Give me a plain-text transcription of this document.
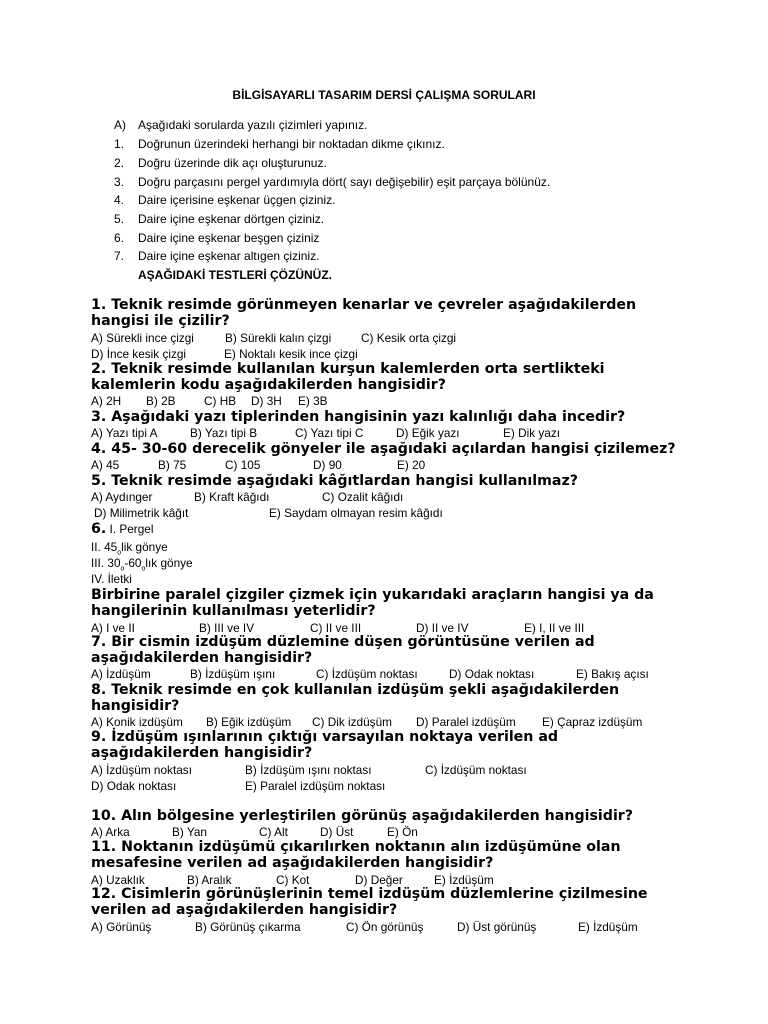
BİLGİSAYARLI TASARIM DERSİ ÇALIŞMA SORULARI
A) Aşağıdaki sorularda yazılı çizimleri yapınız.
1. Doğrunun üzerindeki herhangi bir noktadan dikme çıkınız.
2. Doğru üzerinde dik açı oluşturunuz.
3. Doğru parçasını pergel yardımıyla dört( sayı değişebilir) eşit parçaya bölünüz.
4. Daire içerisine eşkenar üçgen çiziniz.
5. Daire içine eşkenar dörtgen çiziniz.
6. Daire içine eşkenar beşgen çiziniz
7. Daire içine eşkenar altıgen çiziniz.
AŞAĞIDAKİ TESTLERİ ÇÖZÜNÜZ.
1. Teknik resimde görünmeyen kenarlar ve çevreler aşağıdakilerden
hangisi ile çizilir?
A) Sürekli ince çizgi	B) Sürekli kalın çizgi	C) Kesik orta çizgi
D) İnce kesik çizgi	E) Noktalı kesik ince çizgi
2. Teknik resimde kullanılan kurşun kalemlerden orta sertlikteki
kalemlerin kodu aşağıdakilerden hangisidir?
A) 2H B) 2B C) HB D) 3H E) 3B
3. Aşağıdaki yazı tiplerinden hangisinin yazı kalınlığı daha incedir?
A) Yazı tipi A	B) Yazı tipi B	C) Yazı tipi C	D) Eğik yazı	E) Dik yazı
4. 45- 30-60 derecelik gönyeler ile aşağıdaki açılardan hangisi çizilemez?
A) 45	B) 75	C) 105	D) 90	E) 20
5. Teknik resimde aşağıdaki kâğıtlardan hangisi kullanılmaz?
A) Aydınger	B) Kraft kâğıdı	C) Ozalit kâğıdı
D) Milimetrik kâğıt	E) Saydam olmayan resim kâğıdı
6. I. Pergel
II. $45_olik$ gönye
III. $30_o-60_olık$ gönye
IV. İletki
Birbirine paralel çizgiler çizmek için yukarıdaki araçların hangisi ya da
hangilerinin kullanılması yeterlidir?
A) I ve II	B) III ve IV	C) II ve III	D) II ve IV	E) I, II ve III
7. Bir cismin izdüşüm düzlemine düşen görüntüsüne verilen ad
aşağıdakilerden hangisidir?
A) İzdüşüm	B) İzdüşüm ışını	C) İzdüşüm noktası	D) Odak noktası	E) Bakış açısı
8. Teknik resimde en çok kullanılan izdüşüm şekli aşağıdakilerden
hangisidir?
A) Konik izdüşüm B) Eğik izdüşüm C) Dik izdüşüm D) Paralel izdüşüm E) Çapraz izdüşüm
9. İzdüşüm ışınlarının çıktığı varsayılan noktaya verilen ad
aşağıdakilerden hangisidir?
A) İzdüşüm noktası	B) İzdüşüm ışını noktası	C) İzdüşüm noktası
D) Odak noktası	E) Paralel izdüşüm noktası
10. Alın bölgesine yerleştirilen görünüş aşağıdakilerden hangisidir?
A) Arka	B) Yan	C) Alt	D) Üst	E) Ön
11. Noktanın izdüşümü çıkarılırken noktanın alın izdüşümüne olan
mesafesine verilen ad aşağıdakilerden hangisidir?
A) Uzaklık	B) Aralık	C) Kot	D) Değer	E) İzdüşüm
12. Cisimlerin görünüşlerinin temel izdüşüm düzlemlerine çizilmesine
verilen ad aşağıdakilerden hangisidir?
A) Görünüş	B) Görünüş çıkarma	C) Ön görünüş	D) Üst görünüş	E) İzdüşüm
